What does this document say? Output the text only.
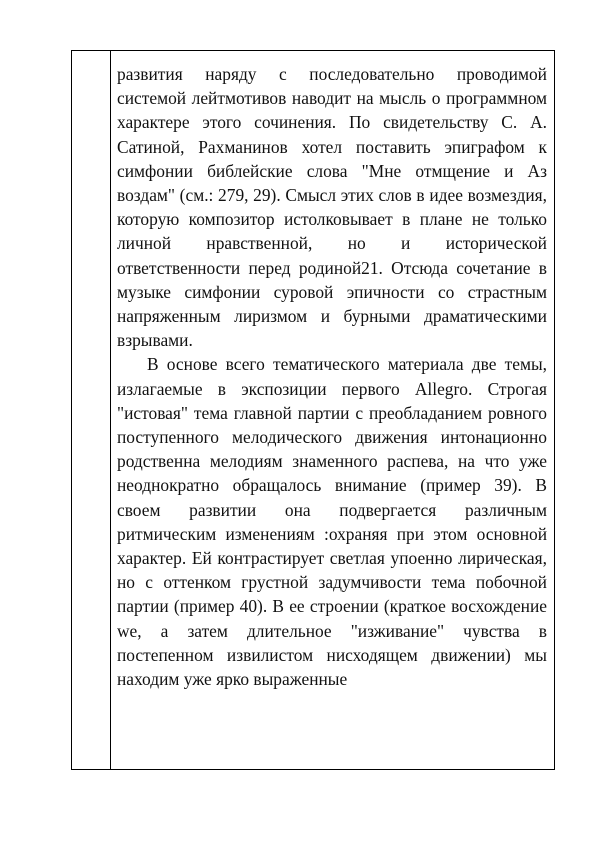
развития наряду с последовательно проводимой системой лейтмотивов наводит на мысль о программном характере этого сочинения. По свидетельству С. А. Сатиной, Рахманинов хотел поставить эпиграфом к симфонии библейские слова "Мне отмщение и Аз воздам" (см.: 279, 29). Смысл этих слов в идее возмездия, которую композитор истолковывает в плане не только личной нравственной, но и исторической ответственности перед родиной21. Отсюда сочетание в музыке симфонии суровой эпичности со страстным напряженным лиризмом и бурными драматическими взрывами.

В основе всего тематического материала две темы, излагаемые в экспозиции первого Allegro. Строгая "истовая" тема главной партии с преобладанием ровного поступенного мелодического движения интонационно родственна мелодиям знаменного распева, на что уже неоднократно обращалось внимание (пример 39). В своем развитии она подвергается различным ритмическим изменениям :охраняя при этом основной характер. Ей контрастирует светлая упоенно лирическая, но с оттенком грустной задумчивости тема побочной партии (пример 40). В ее строении (краткое восхождение we, а затем длительное "изживание" чувства в постепенном извилистом нисходящем движении) мы находим уже ярко выраженные
